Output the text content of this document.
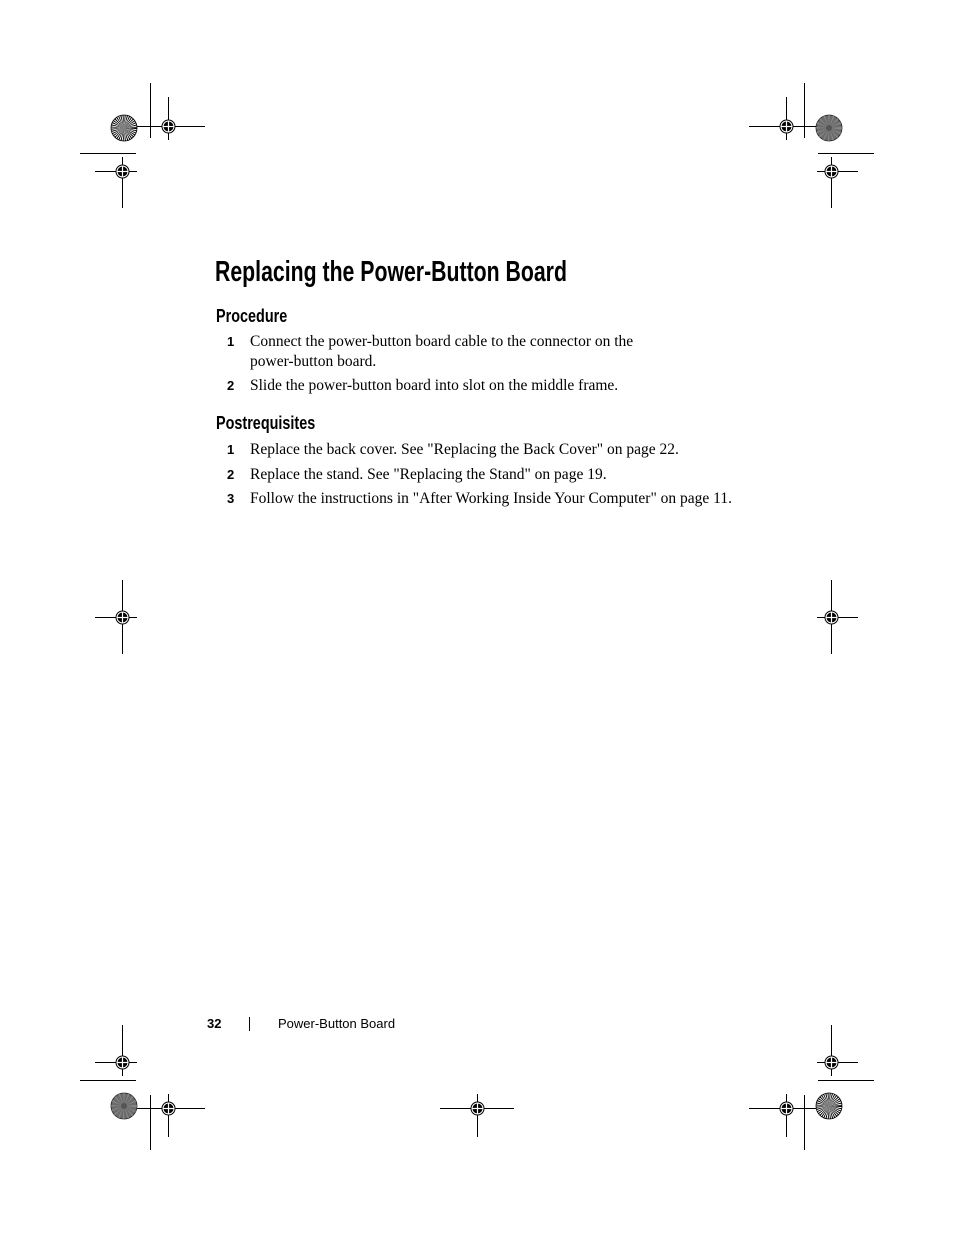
Replacing the Power-Button Board
Procedure
1	Connect the power-button board cable to the connector on the
power-button board.
2	Slide the power-button board into slot on the middle frame.
Postrequisites
1	Replace the back cover. See "Replacing the Back Cover" on page 22.
2	Replace the stand. See "Replacing the Stand" on page 19.
3	Follow the instructions in "After Working Inside Your Computer" on page 11.
32	Power-Button Board
